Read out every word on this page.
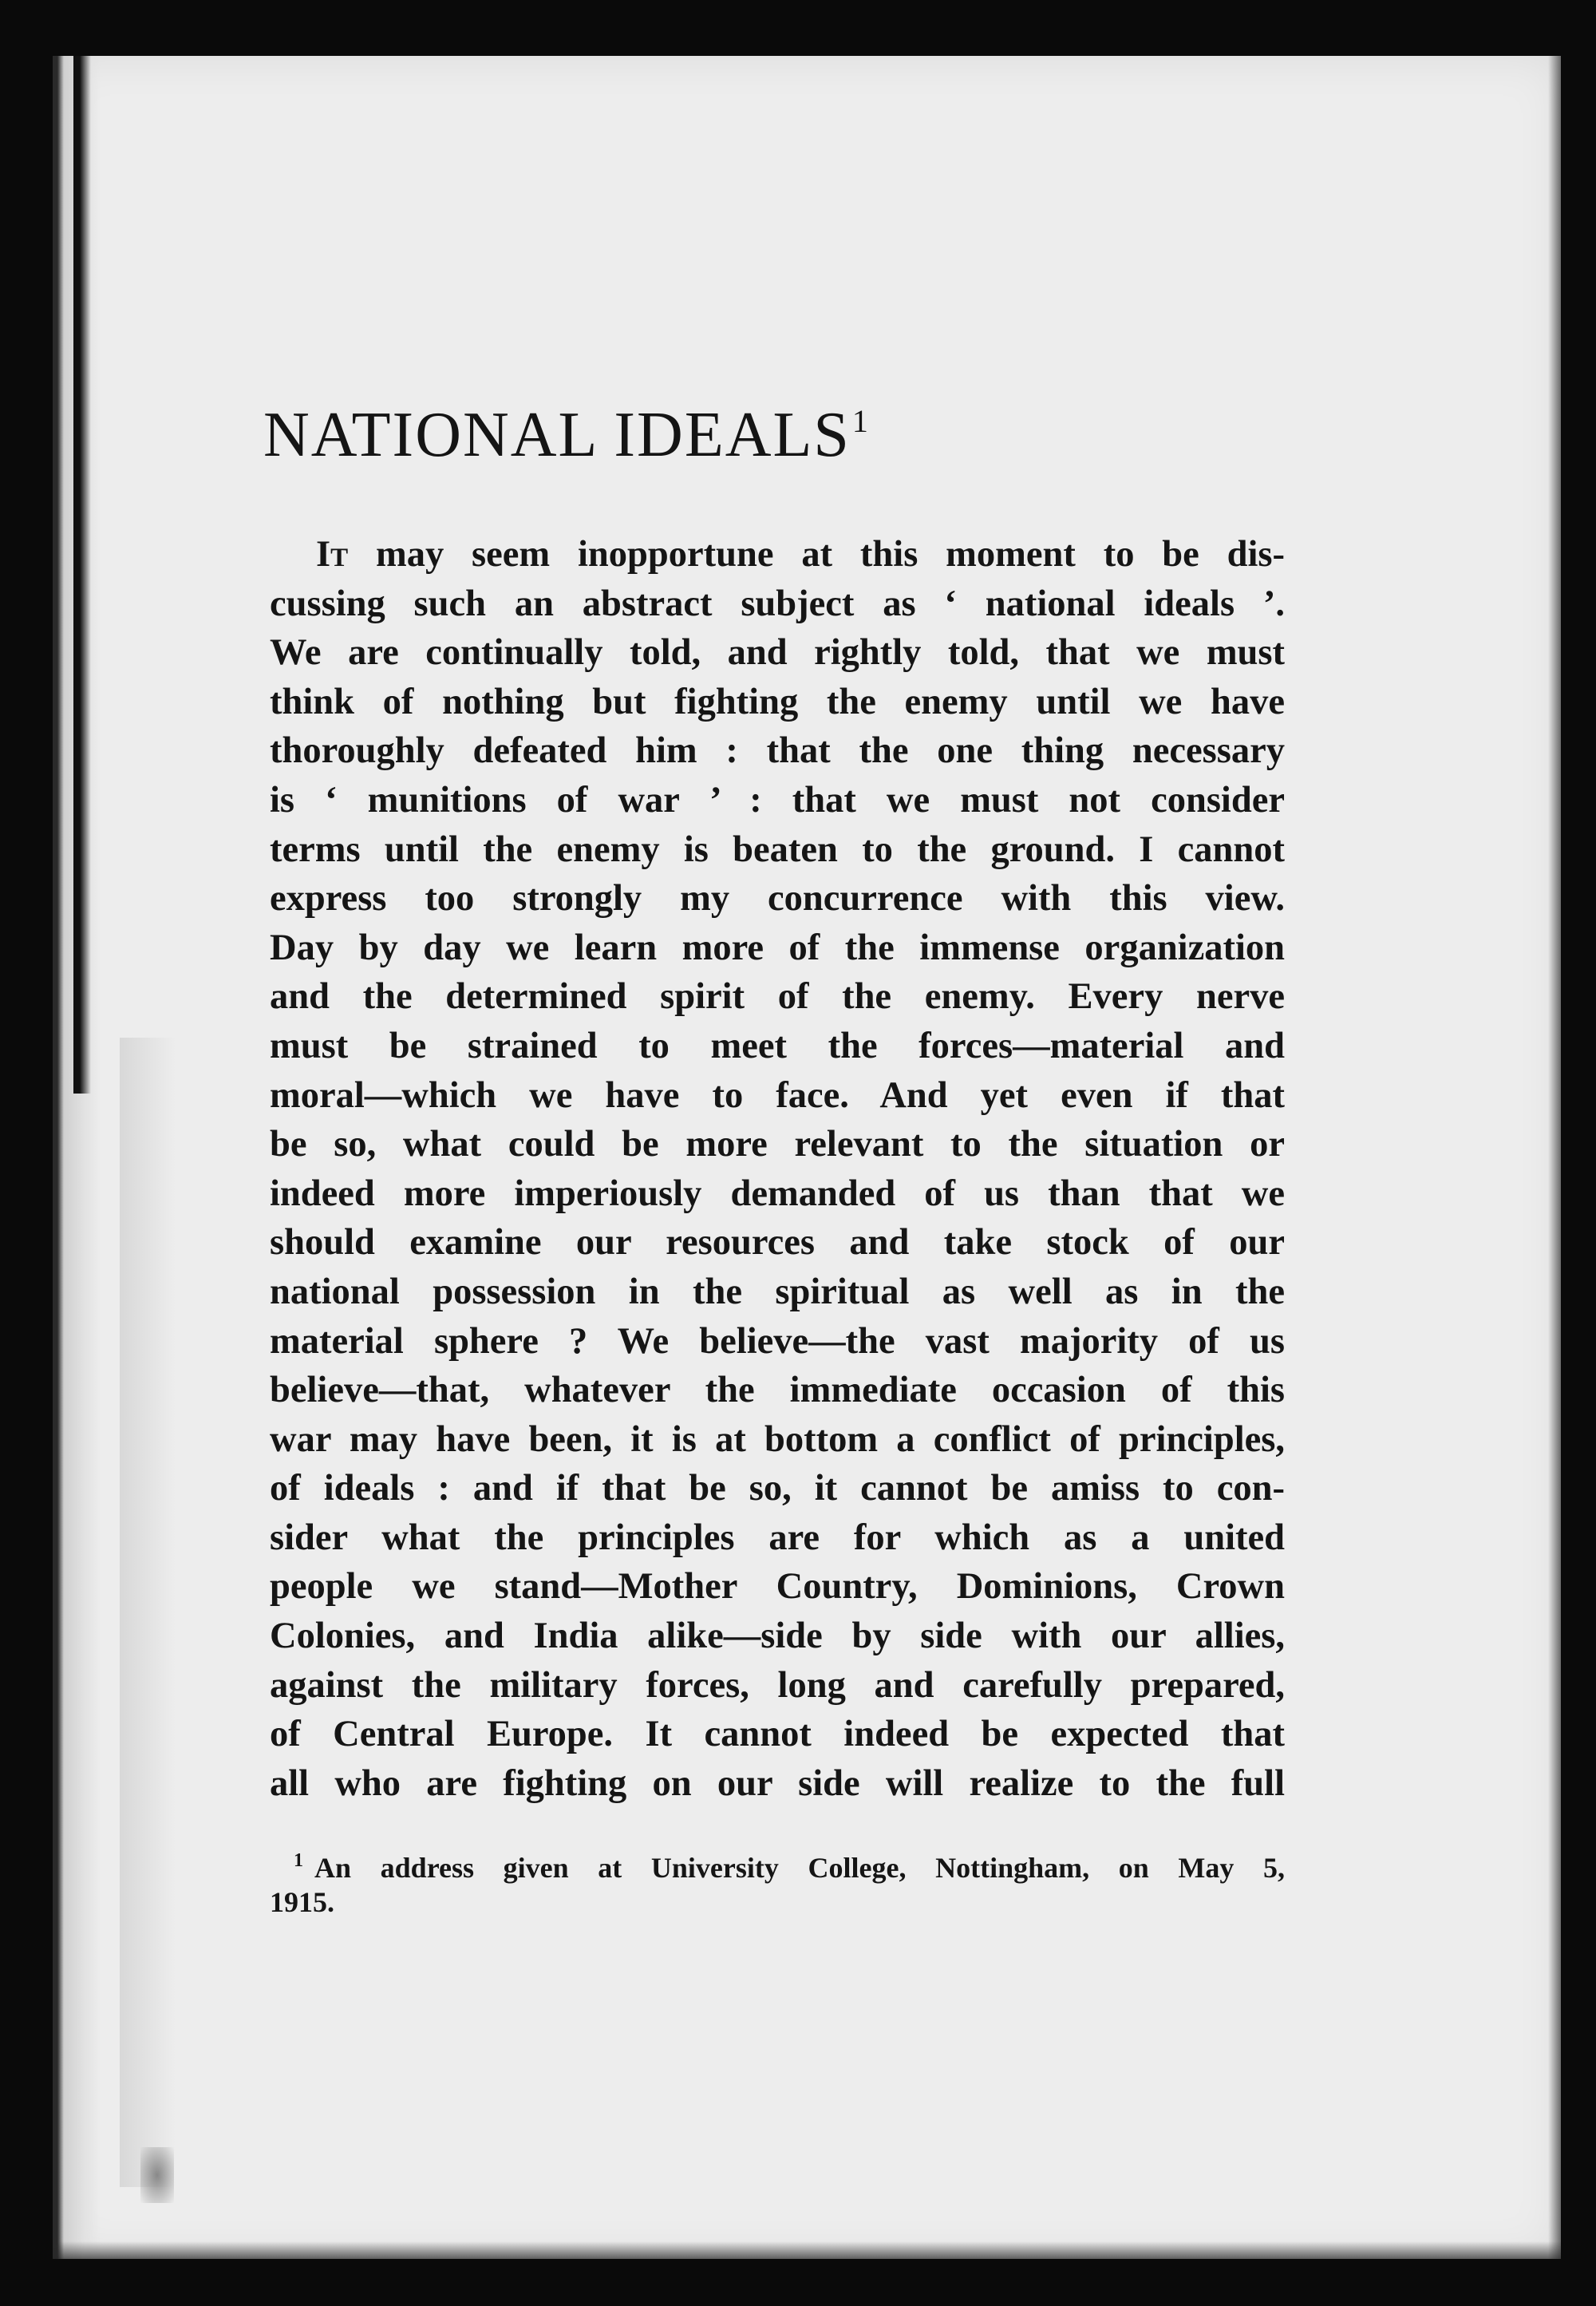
NATIONAL IDEALS$^1$
It may seem inopportune at this moment to be dis-
cussing such an abstract subject as ‘ national ideals ’.
We are continually told, and rightly told, that we must
think of nothing but fighting the enemy until we have
thoroughly defeated him : that the one thing necessary
is ‘ munitions of war ’ : that we must not consider
terms until the enemy is beaten to the ground. I cannot
express too strongly my concurrence with this view.
Day by day we learn more of the immense organization
and the determined spirit of the enemy. Every nerve
must be strained to meet the forces—material and
moral—which we have to face. And yet even if that
be so, what could be more relevant to the situation or
indeed more imperiously demanded of us than that we
should examine our resources and take stock of our
national possession in the spiritual as well as in the
material sphere ? We believe—the vast majority of us
believe—that, whatever the immediate occasion of this
war may have been, it is at bottom a conflict of principles,
of ideals : and if that be so, it cannot be amiss to con-
sider what the principles are for which as a united
people we stand—Mother Country, Dominions, Crown
Colonies, and India alike—side by side with our allies,
against the military forces, long and carefully prepared,
of Central Europe. It cannot indeed be expected that
all who are fighting on our side will realize to the full
$^1$ An address given at University College, Nottingham, on May 5,
1915.
